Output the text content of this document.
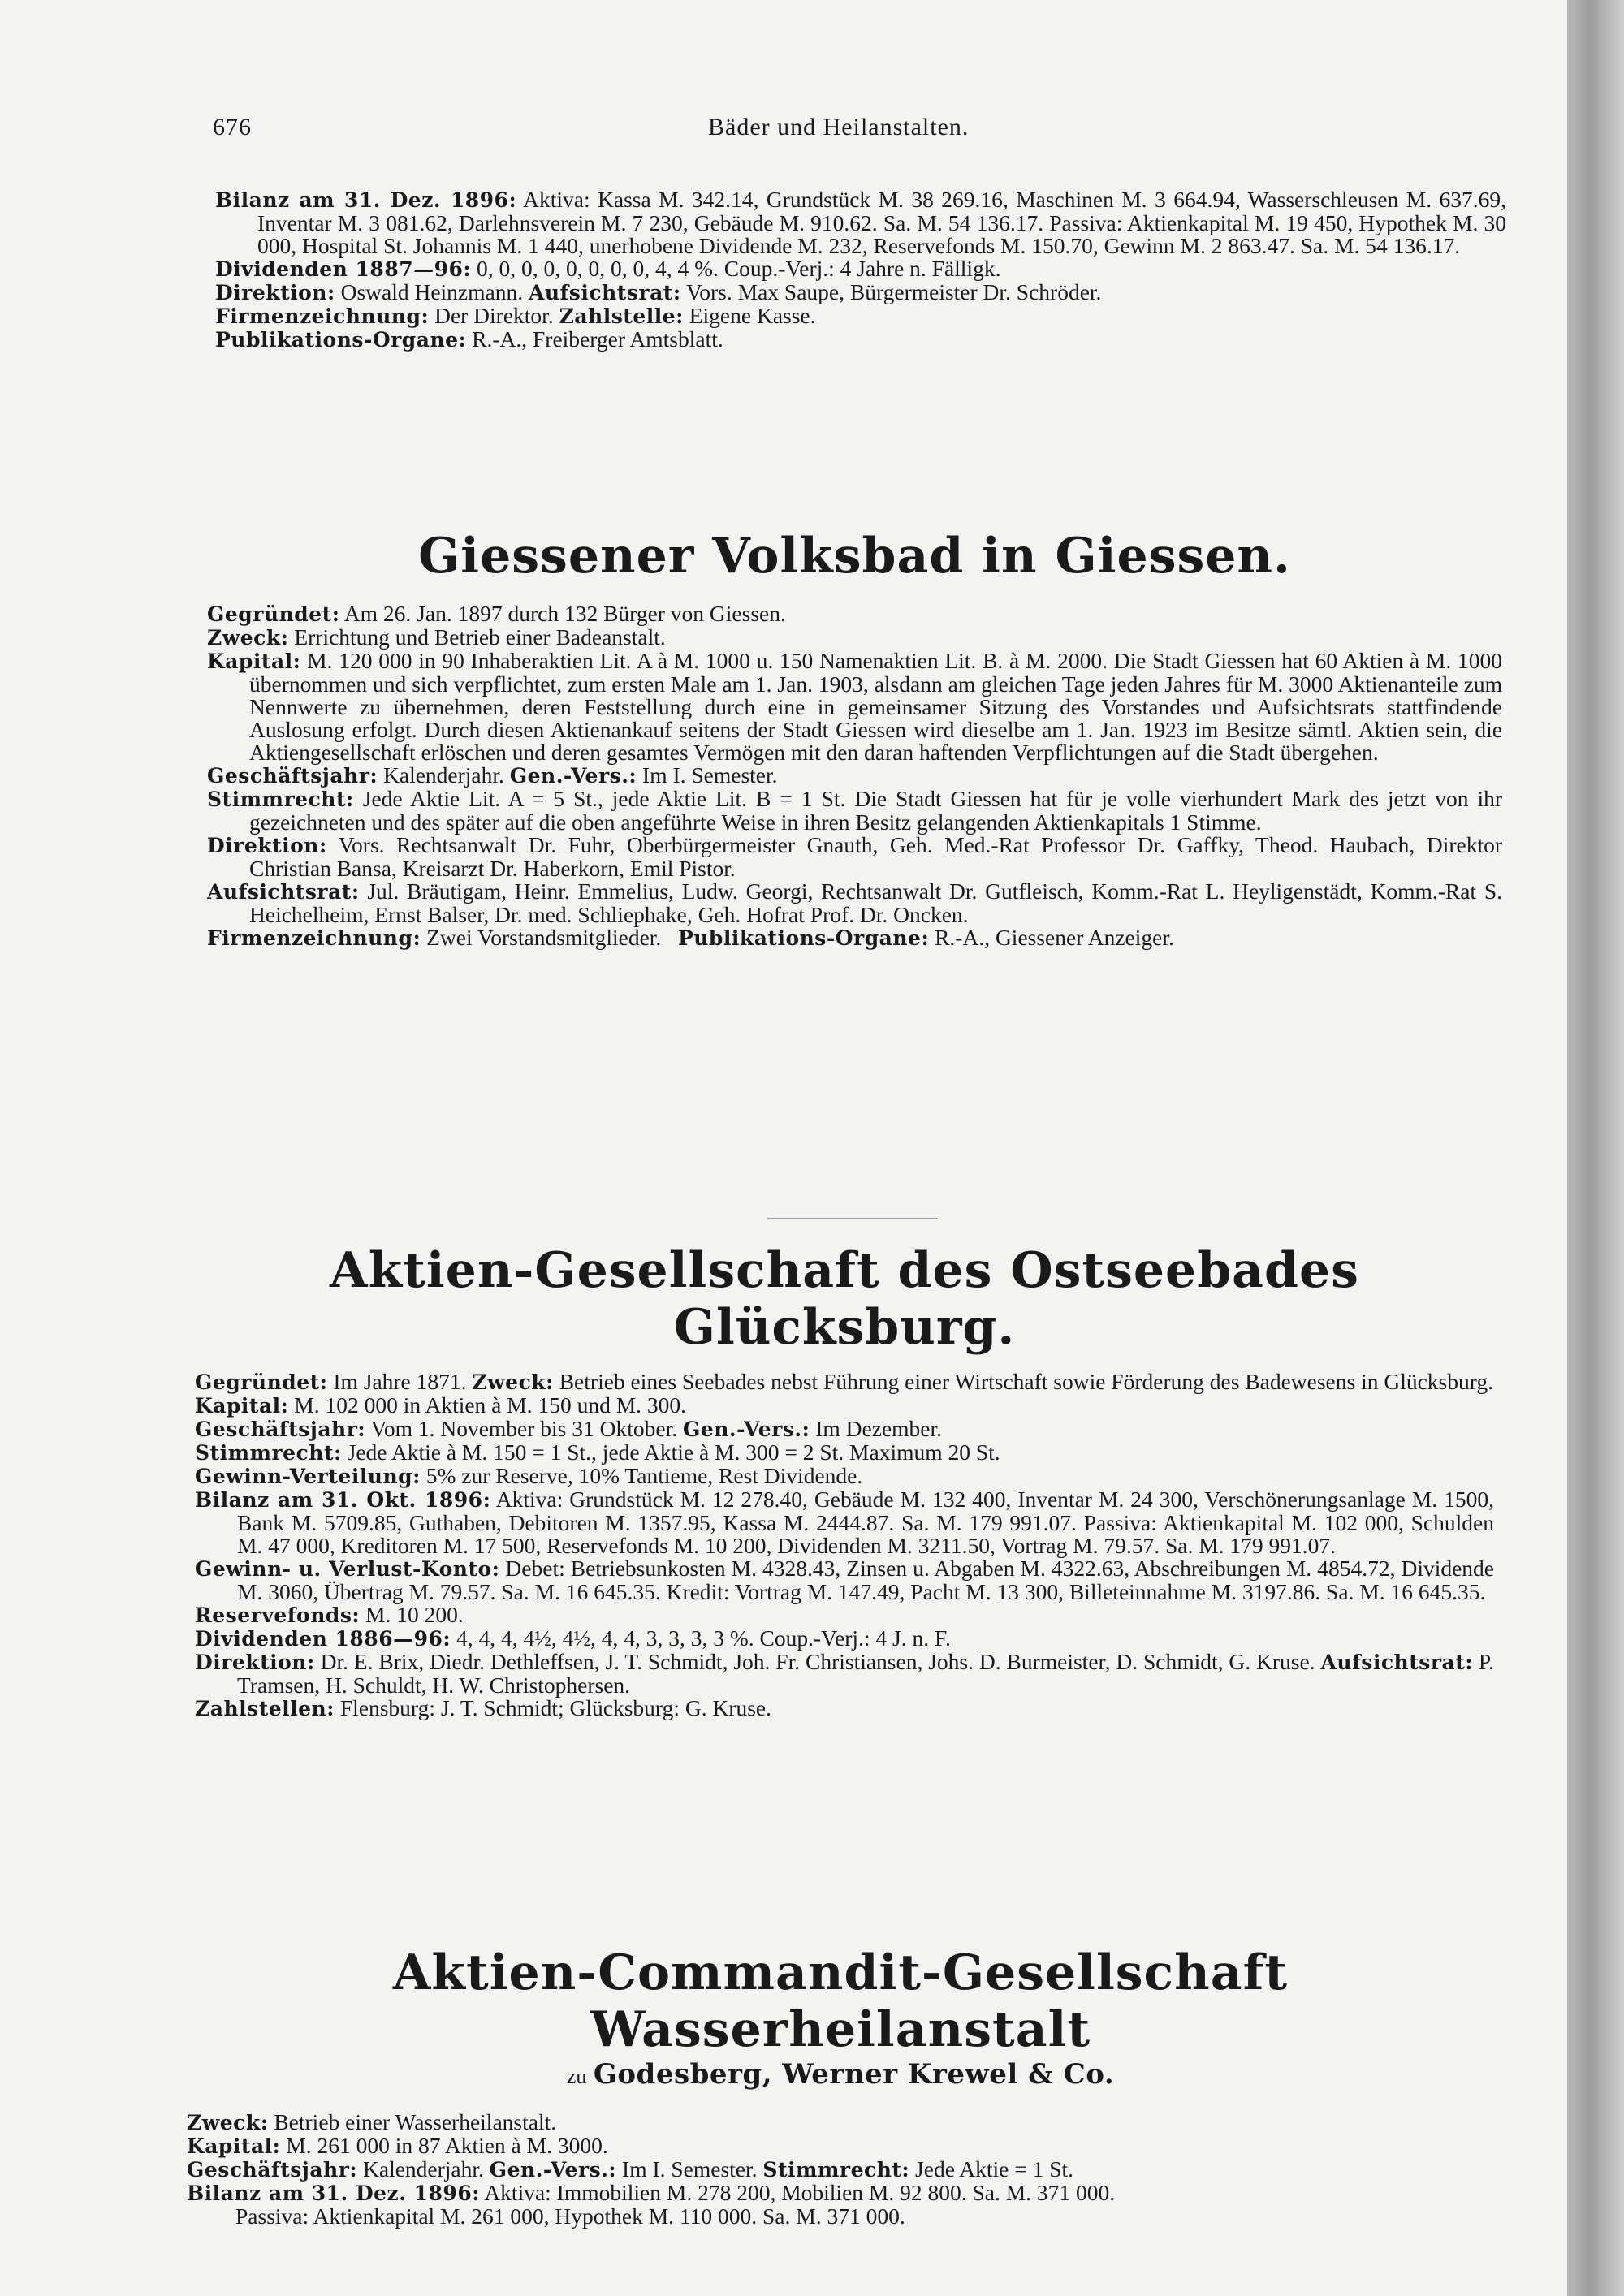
676	Bäder und Heilanstalten.

Bilanz am 31. Dez. 1896: Aktiva: Kassa M. 342.14, Grundstück M. 38 269.16, Maschinen M. 3 664.94, Wasserschleusen M. 637.69, Inventar M. 3 081.62, Darlehnsverein M. 7 230, Gebäude M. 910.62. Sa. M. 54 136.17. Passiva: Aktienkapital M. 19 450, Hypothek M. 30 000, Hospital St. Johannis M. 1 440, unerhobene Dividende M. 232, Reservefonds M. 150.70, Gewinn M. 2 863.47. Sa. M. 54 136.17.

Dividenden 1887—96: 0, 0, 0, 0, 0, 0, 0, 0, 4, 4 %. Coup.-Verj.: 4 Jahre n. Fälligk.

Direktion: Oswald Heinzmann. Aufsichtsrat: Vors. Max Saupe, Bürgermeister Dr. Schröder.

Firmenzeichnung: Der Direktor. Zahlstelle: Eigene Kasse.

Publikations-Organe: R.-A., Freiberger Amtsblatt.

Giessener Volksbad in Giessen.

Gegründet: Am 26. Jan. 1897 durch 132 Bürger von Giessen.

Zweck: Errichtung und Betrieb einer Badeanstalt.

Kapital: M. 120 000 in 90 Inhaberaktien Lit. A à M. 1000 u. 150 Namenaktien Lit. B. à M. 2000. Die Stadt Giessen hat 60 Aktien à M. 1000 übernommen und sich verpflichtet, zum ersten Male am 1. Jan. 1903, alsdann am gleichen Tage jeden Jahres für M. 3000 Aktienanteile zum Nennwerte zu übernehmen, deren Feststellung durch eine in gemeinsamer Sitzung des Vorstandes und Aufsichtsrats stattfindende Auslosung erfolgt. Durch diesen Aktienankauf seitens der Stadt Giessen wird dieselbe am 1. Jan. 1923 im Besitze sämtl. Aktien sein, die Aktiengesellschaft erlöschen und deren gesamtes Vermögen mit den daran haftenden Verpflichtungen auf die Stadt übergehen.

Geschäftsjahr: Kalenderjahr. Gen.-Vers.: Im I. Semester.

Stimmrecht: Jede Aktie Lit. A = 5 St., jede Aktie Lit. B = 1 St. Die Stadt Giessen hat für je volle vierhundert Mark des jetzt von ihr gezeichneten und des später auf die oben angeführte Weise in ihren Besitz gelangenden Aktienkapitals 1 Stimme.

Direktion: Vors. Rechtsanwalt Dr. Fuhr, Oberbürgermeister Gnauth, Geh. Med.-Rat Professor Dr. Gaffky, Theod. Haubach, Direktor Christian Bansa, Kreisarzt Dr. Haberkorn, Emil Pistor.

Aufsichtsrat: Jul. Bräutigam, Heinr. Emmelius, Ludw. Georgi, Rechtsanwalt Dr. Gutfleisch, Komm.-Rat L. Heyligenstädt, Komm.-Rat S. Heichelheim, Ernst Balser, Dr. med. Schliephake, Geh. Hofrat Prof. Dr. Oncken.

Firmenzeichnung: Zwei Vorstandsmitglieder. Publikations-Organe: R.-A., Giessener Anzeiger.

Aktien-Gesellschaft des Ostseebades Glücksburg.

Gegründet: Im Jahre 1871. Zweck: Betrieb eines Seebades nebst Führung einer Wirtschaft sowie Förderung des Badewesens in Glücksburg.

Kapital: M. 102 000 in Aktien à M. 150 und M. 300.

Geschäftsjahr: Vom 1. November bis 31 Oktober. Gen.-Vers.: Im Dezember.

Stimmrecht: Jede Aktie à M. 150 = 1 St., jede Aktie à M. 300 = 2 St. Maximum 20 St.

Gewinn-Verteilung: 5% zur Reserve, 10% Tantieme, Rest Dividende.

Bilanz am 31. Okt. 1896: Aktiva: Grundstück M. 12 278.40, Gebäude M. 132 400, Inventar M. 24 300, Verschönerungsanlage M. 1500, Bank M. 5709.85, Guthaben, Debitoren M. 1357.95, Kassa M. 2444.87. Sa. M. 179 991.07. Passiva: Aktienkapital M. 102 000, Schulden M. 47 000, Kreditoren M. 17 500, Reservefonds M. 10 200, Dividenden M. 3211.50, Vortrag M. 79.57. Sa. M. 179 991.07.

Gewinn- u. Verlust-Konto: Debet: Betriebsunkosten M. 4328.43, Zinsen u. Abgaben M. 4322.63, Abschreibungen M. 4854.72, Dividende M. 3060, Übertrag M. 79.57. Sa. M. 16 645.35. Kredit: Vortrag M. 147.49, Pacht M. 13 300, Billeteinnahme M. 3197.86. Sa. M. 16 645.35.

Reservefonds: M. 10 200.

Dividenden 1886—96: 4, 4, 4, 4½, 4½, 4, 4, 3, 3, 3, 3 %. Coup.-Verj.: 4 J. n. F.

Direktion: Dr. E. Brix, Diedr. Dethleffsen, J. T. Schmidt, Joh. Fr. Christiansen, Johs. D. Burmeister, D. Schmidt, G. Kruse. Aufsichtsrat: P. Tramsen, H. Schuldt, H. W. Christophersen.

Zahlstellen: Flensburg: J. T. Schmidt; Glücksburg: G. Kruse.

Aktien-Commandit-Gesellschaft Wasserheilanstalt

zu Godesberg, Werner Krewel & Co.

Zweck: Betrieb einer Wasserheilanstalt.

Kapital: M. 261 000 in 87 Aktien à M. 3000.

Geschäftsjahr: Kalenderjahr. Gen.-Vers.: Im I. Semester. Stimmrecht: Jede Aktie = 1 St.

Bilanz am 31. Dez. 1896: Aktiva: Immobilien M. 278 200, Mobilien M. 92 800. Sa. M. 371 000.

Passiva: Aktienkapital M. 261 000, Hypothek M. 110 000. Sa. M. 371 000.
